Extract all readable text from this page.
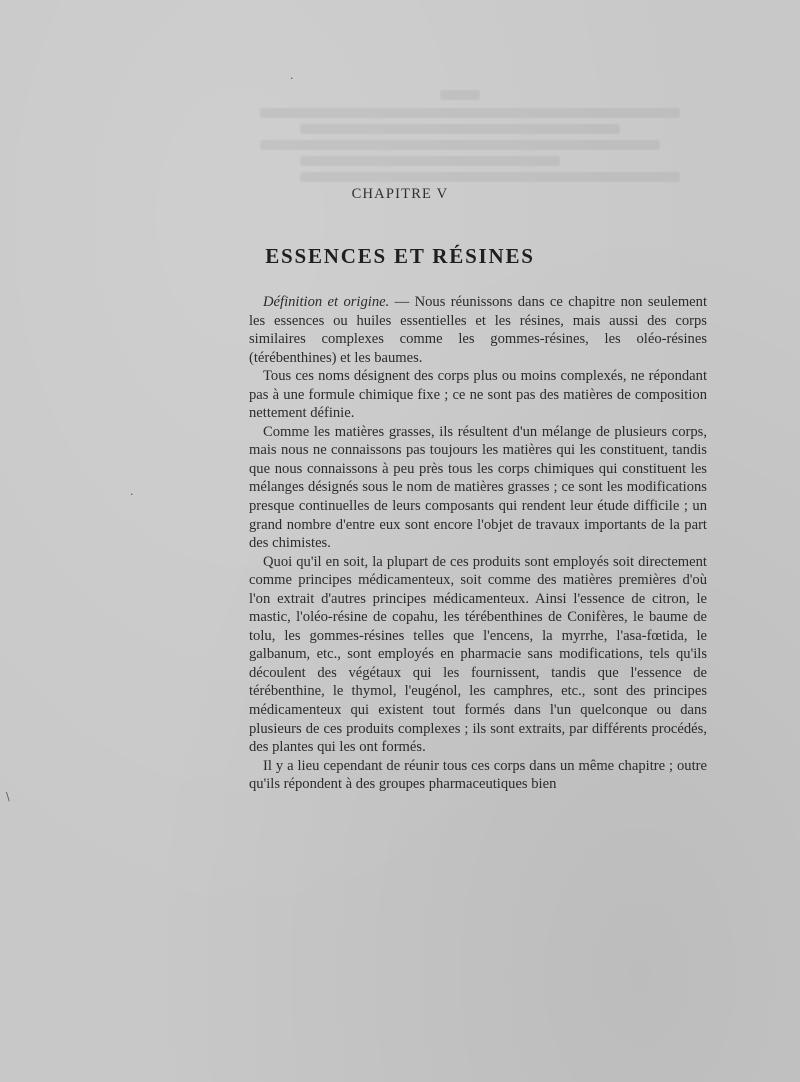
CHAPITRE V
ESSENCES ET RÉSINES

Définition et origine. — Nous réunissons dans ce chapitre non seulement les essences ou huiles essentielles et les résines, mais aussi des corps similaires complexes comme les gommes-résines, les oléo-résines (térébenthines) et les baumes.

Tous ces noms désignent des corps plus ou moins complexés, ne répondant pas à une formule chimique fixe ; ce ne sont pas des matières de composition nettement définie.

Comme les matières grasses, ils résultent d'un mélange de plusieurs corps, mais nous ne connaissons pas toujours les matières qui les constituent, tandis que nous connaissons à peu près tous les corps chimiques qui constituent les mélanges désignés sous le nom de matières grasses ; ce sont les modifications presque continuelles de leurs composants qui rendent leur étude difficile ; un grand nombre d'entre eux sont encore l'objet de travaux importants de la part des chimistes.

Quoi qu'il en soit, la plupart de ces produits sont employés soit directement comme principes médicamenteux, soit comme des matières premières d'où l'on extrait d'autres principes médicamenteux. Ainsi l'essence de citron, le mastic, l'oléo-résine de copahu, les térébenthines de Conifères, le baume de tolu, les gommes-résines telles que l'encens, la myrrhe, l'asa-fœtida, le galbanum, etc., sont employés en pharmacie sans modifications, tels qu'ils découlent des végétaux qui les fournissent, tandis que l'essence de térébenthine, le thymol, l'eugénol, les camphres, etc., sont des principes médicamenteux qui existent tout formés dans l'un quelconque ou dans plusieurs de ces produits complexes ; ils sont extraits, par différents procédés, des plantes qui les ont formés.

Il y a lieu cependant de réunir tous ces corps dans un même chapitre ; outre qu'ils répondent à des groupes pharmaceutiques bien

·
·
\
